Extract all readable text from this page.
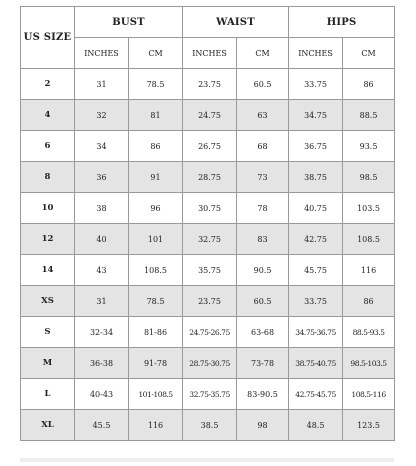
US SIZE	BUST		WAIST		HIPS	
	INCHES	CM	INCHES	CM	INCHES	CM
2	31	78.5	23.75	60.5	33.75	86
4	32	81	24.75	63	34.75	88.5
6	34	86	26.75	68	36.75	93.5
8	36	91	28.75	73	38.75	98.5
10	38	96	30.75	78	40.75	103.5
12	40	101	32.75	83	42.75	108.5
14	43	108.5	35.75	90.5	45.75	116
XS	31	78.5	23.75	60.5	33.75	86
S	32-34	81-86	24.75-26.75	63-68	34.75-36.75	88.5-93.5
M	36-38	91-78	28.75-30.75	73-78	38.75-40.75	98.5-103.5
L	40-43	101-108.5	32.75-35.75	83-90.5	42.75-45.75	108.5-116
XL	45.5	116	38.5	98	48.5	123.5
